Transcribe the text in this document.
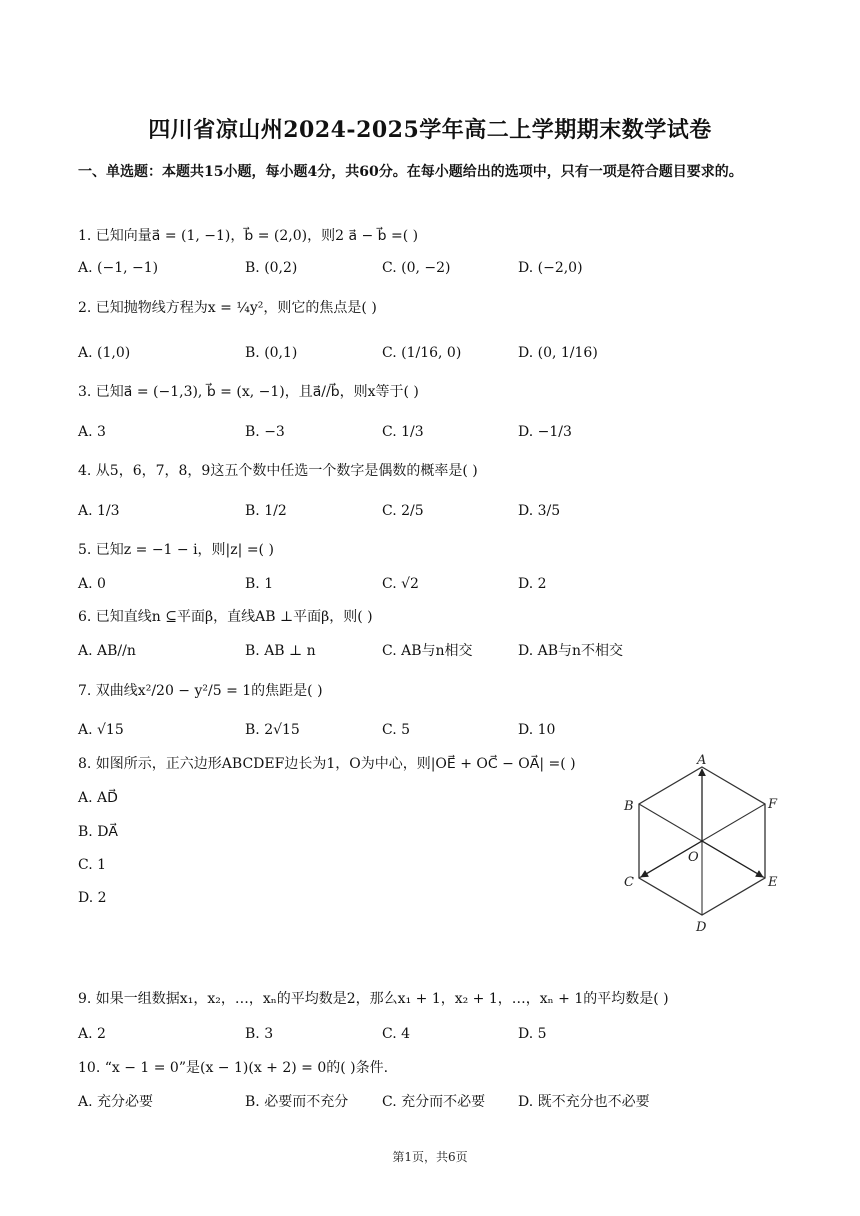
四川省凉山州2024-2025学年高二上学期期末数学试卷
一、单选题：本题共15小题，每小题4分，共60分。在每小题给出的选项中，只有一项是符合题目要求的。
1. 已知向量a⃗ = (1, −1)，b⃗ = (2,0)，则2 a⃗ − b⃗ =( )
A. (−1, −1)	B. (0,2)	C. (0, −2)	D. (−2,0)
2. 已知抛物线方程为x = ¼y²，则它的焦点是( )
A. (1,0)	B. (0,1)	C. (1/16, 0)	D. (0, 1/16)
3. 已知a⃗ = (−1,3), b⃗ = (x, −1)，且a⃗//b⃗，则x等于( )
A. 3	B. −3	C. 1/3	D. −1/3
4. 从5，6，7，8，9这五个数中任选一个数字是偶数的概率是( )
A. 1/3	B. 1/2	C. 2/5	D. 3/5
5. 已知z = −1 − i，则|z| =( )
A. 0	B. 1	C. √2	D. 2
6. 已知直线n ⊆平面β，直线AB ⊥平面β，则( )
A. AB//n	B. AB ⊥ n	C. AB与n相交	D. AB与n不相交
7. 双曲线x²/20 − y²/5 = 1的焦距是( )
A. √15	B. 2√15	C. 5	D. 10
8. 如图所示，正六边形ABCDEF边长为1，O为中心，则|OE⃗ + OC⃗ − OA⃗| =( )
A. AD⃗
B. DA⃗
C. 1
D. 2
A
B
C
D
E
F
O
9. 如果一组数据x₁，x₂，…，xₙ的平均数是2，那么x₁ + 1，x₂ + 1，…，xₙ + 1的平均数是( )
A. 2	B. 3	C. 4	D. 5
10. “x − 1 = 0”是(x − 1)(x + 2) = 0的( )条件.
A. 充分必要	B. 必要而不充分 C. 充分而不必要 D. 既不充分也不必要
第1页，共6页
